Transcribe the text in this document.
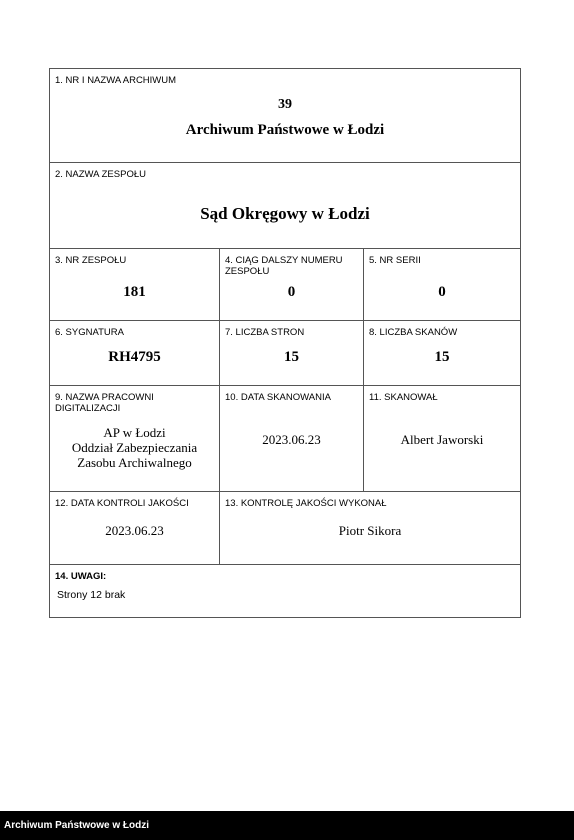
1. NR I NAZWA ARCHIWUM
39
Archiwum Państwowe w Łodzi
2. NAZWA ZESPOŁU
Sąd Okręgowy w Łodzi
3. NR ZESPOŁU
181
4. CIĄG DALSZY NUMERU ZESPOŁU
0
5. NR SERII
0
6. SYGNATURA
RH4795
7. LICZBA STRON
15
8. LICZBA SKANÓW
15
9. NAZWA PRACOWNI DIGITALIZACJI
AP w Łodzi
Oddział Zabezpieczania
Zasobu Archiwalnego
10. DATA SKANOWANIA
2023.06.23
11. SKANOWAŁ
Albert Jaworski
12. DATA KONTROLI JAKOŚCI
2023.06.23
13. KONTROLĘ JAKOŚCI WYKONAŁ
Piotr Sikora
14. UWAGI:
Strony 12 brak
Archiwum Państwowe w Łodzi
